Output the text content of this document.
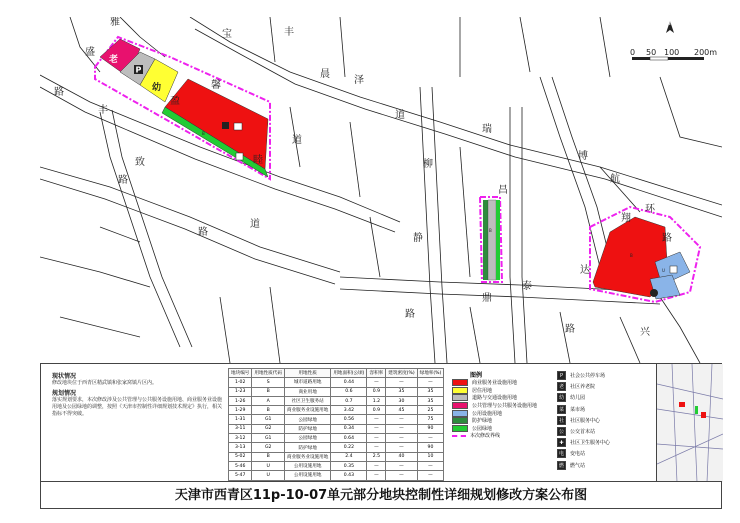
老
P
幼
B
B
B
U
雅
盛
路
丰
宝	丰
晨
泽
道
馨
盈
致
路
睦
道
道
路
柳
静
路
瑞
昌
鼎
泰
路
博
航
环
翔
达
路
兴
N
0 50 100 200m
现状情况
修改地块位于西青区精武镇和张家窝镇片区内。
规划情况
落实规划要求，本次修改涉及公共管理与公共服务设施用地、商业服务业设施用地及公园绿地的调整，按照《天津市控制性详细规划技术规定》执行，相关指标不得突破。
地块编号	用地性质代码	用地性质	用地面积(公顷)	容积率	建筑密度(%)	绿地率(%)
1-02	S	城市道路用地	0.44	—	—	—
1-23	B	商业用地	0.6	0.9	35	35
1-26	A	社区卫生服务站	0.7	1.2	30	35
1-29	B	商业服务业设施用地	3.42	0.9	45	25
1-31	G1	公园绿地	0.56	—	—	75
3-11	G2	防护绿地	0.34	—	—	90
3-12	G1	公园绿地	0.64	—	—	—
3-13	G2	防护绿地	0.22	—	—	90
5-02	B	商业服务业设施用地	2.4	2.5	40	10
5-46	U	公用设施用地	0.35	—	—	—
5-47	U	公用设施用地	0.43	—	—	—
图例
商业服务业设施用地
居住用地
道路与交通设施用地
公共管理与公共服务设施用地
公用设施用地
防护绿地
公园绿地
本次修改界线
P	社会公共停车场
老	社区养老院
幼	幼儿园
菜	菜市场
社	社区服务中心
公	公交首末站
✚	社区卫生服务中心
电	变电站
燃	燃气站
天津市西青区11p-10-07单元部分地块控制性详细规划修改方案公布图
